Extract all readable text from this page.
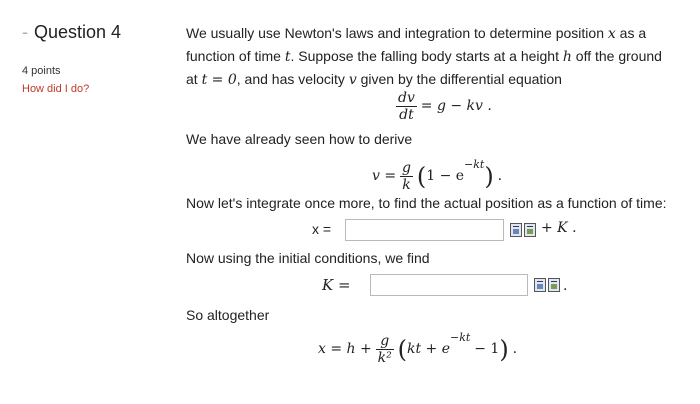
- Question 4
4 points
How did I do?
We usually use Newton's laws and integration to determine position x as a
function of time t. Suppose the falling body starts at a height h off the ground
at t = 0, and has velocity v given by the differential equation
$\frac{dv}{dt} = g$ − kv .
We have already seen how to derive
$v = \frac{g}{k} (1 - e^{-kt})$ .
Now let's integrate once more, to find the actual position as a function of time:
x =	+ K .
Now using the initial conditions, we find
K =	.
So altogether
$x = h + \frac{g}{\text{k²}} (kt + e^{-kt} - 1)$ .
